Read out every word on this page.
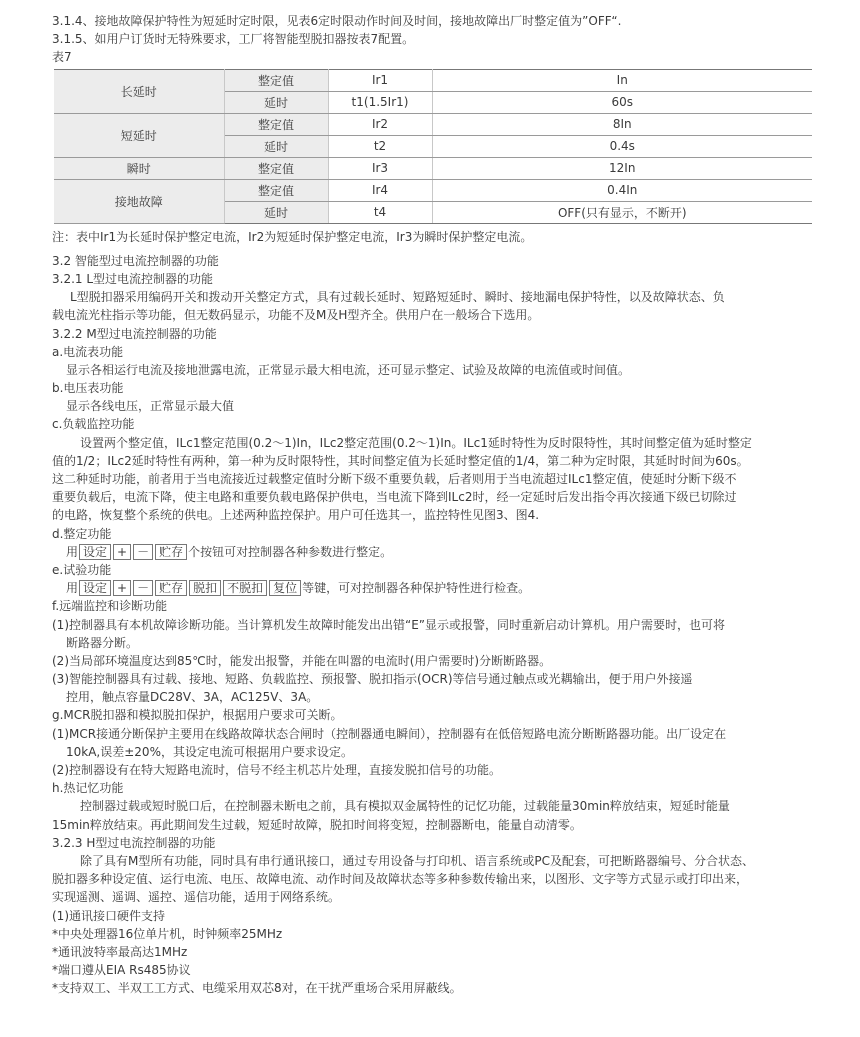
3.1.4、接地故障保护特性为短延时定时限，见表6定时限动作时间及时间，接地故障出厂时整定值为”OFF“.
3.1.5、如用户订货时无特殊要求，工厂将智能型脱扣器按表7配置。
表7
长延时	整定值	Ir1	In
	延时	t1(1.5Ir1)	60s
短延时	整定值	Ir2	8In
	延时	t2	0.4s
瞬时	整定值	Ir3	12In
接地故障	整定值	Ir4	0.4In
	延时	t4	OFF(只有显示，不断开)
注：表中Ir1为长延时保护整定电流，Ir2为短延时保护整定电流，Ir3为瞬时保护整定电流。
3.2 智能型过电流控制器的功能
3.2.1 L型过电流控制器的功能
L型脱扣器采用编码开关和拨动开关整定方式，具有过载长延时、短路短延时、瞬时、接地漏电保护特性，以及故障状态、负
载电流光柱指示等功能，但无数码显示，功能不及M及H型齐全。供用户在一般场合下选用。
3.2.2 M型过电流控制器的功能
a.电流表功能
显示各相运行电流及接地泄露电流，正常显示最大相电流，还可显示整定、试验及故障的电流值或时间值。
b.电压表功能
显示各线电压，正常显示最大值
c.负载监控功能
设置两个整定值，ILc1整定范围(0.2～1)In，ILc2整定范围(0.2～1)In。ILc1延时特性为反时限特性，其时间整定值为延时整定
值的1/2；ILc2延时特性有两种，第一种为反时限特性，其时间整定值为长延时整定值的1/4，第二种为定时限，其延时时间为60s。
这二种延时功能，前者用于当电流接近过载整定值时分断下级不重要负载，后者则用于当电流超过ILc1整定值，使延时分断下级不
重要负载后，电流下降，使主电路和重要负载电路保护供电，当电流下降到ILc2时，经一定延时后发出指令再次接通下级已切除过
的电路，恢复整个系统的供电。上述两种监控保护。用户可任选其一，监控特性见图3、图4.
d.整定功能
用 设定 + － 贮存 个按钮可对控制器各种参数进行整定。
e.试验功能
用 设定 + － 贮存 脱扣 不脱扣 复位 等键，可对控制器各种保护特性进行检查。
f.远端监控和诊断功能
(1)控制器具有本机故障诊断功能。当计算机发生故障时能发出出错“E”显示或报警，同时重新启动计算机。用户需要时，也可将
断路器分断。
(2)当局部环境温度达到85℃时，能发出报警，并能在叫嚣的电流时(用户需要时)分断断路器。
(3)智能控制器具有过载、接地、短路、负载监控、预报警、脱扣指示(OCR)等信号通过触点或光耦输出，便于用户外接遥
控用，触点容量DC28V、3A，AC125V、3A。
g.MCR脱扣器和模拟脱扣保护，根据用户要求可关断。
(1)MCR接通分断保护主要用在线路故障状态合闸时（控制器通电瞬间），控制器有在低倍短路电流分断断路器功能。出厂设定在
10kA,误差±20%，其设定电流可根据用户要求设定。
(2)控制器设有在特大短路电流时，信号不经主机芯片处理，直接发脱扣信号的功能。
h.热记忆功能
控制器过载或短时脱口后，在控制器未断电之前，具有模拟双金属特性的记忆功能，过载能量30min粹放结束，短延时能量
15min粹放结束。再此期间发生过载，短延时故障，脱扣时间将变短，控制器断电，能量自动清零。
3.2.3 H型过电流控制器的功能
除了具有M型所有功能，同时具有串行通讯接口，通过专用设备与打印机、语言系统或PC及配套，可把断路器编号、分合状态、
脱扣器多种设定值、运行电流、电压、故障电流、动作时间及故障状态等多种参数传输出来，以图形、文字等方式显示或打印出来，
实现遥测、遥调、遥控、遥信功能，适用于网络系统。
(1)通讯接口硬件支持
*中央处理器16位单片机，时钟频率25MHz
*通讯波特率最高达1MHz
*端口遵从EIA Rs485协议
*支持双工、半双工工方式、电缆采用双芯8对，在干扰严重场合采用屏蔽线。
